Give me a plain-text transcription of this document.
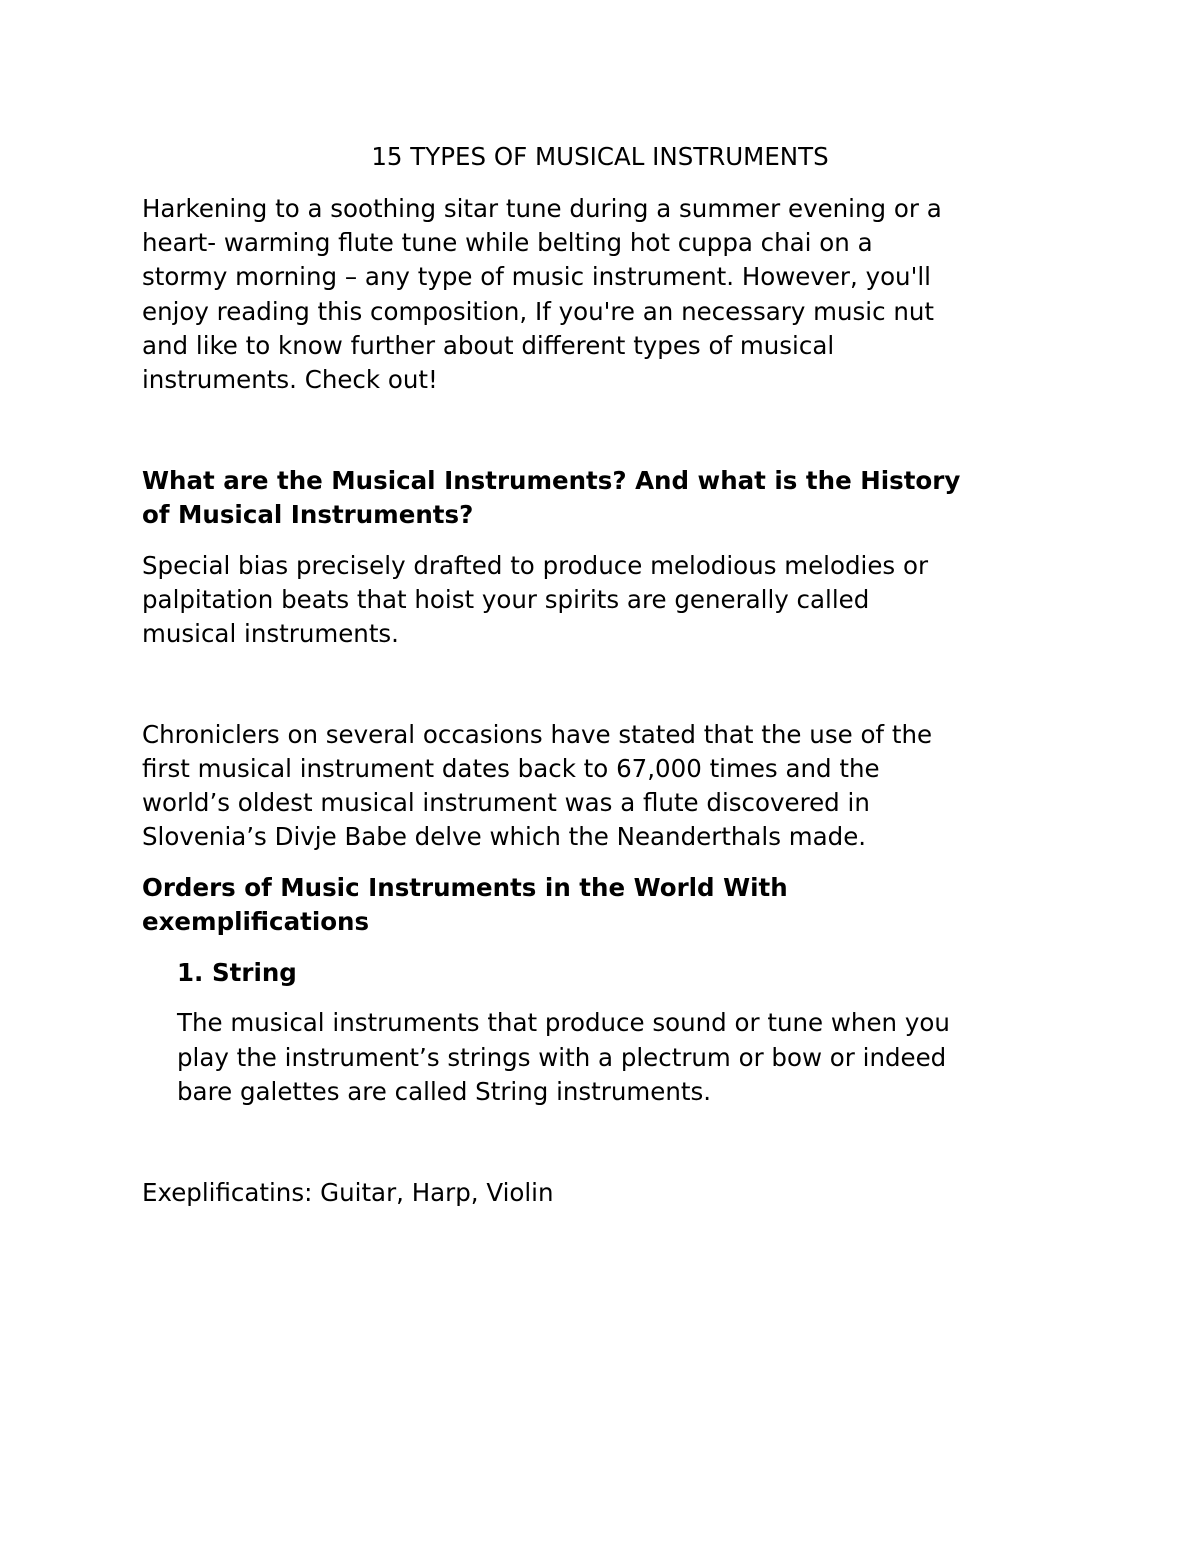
15 TYPES OF MUSICAL INSTRUMENTS

Harkening to a soothing sitar tune during a summer evening or a

heart- warming flute tune while belting hot cuppa chai on a

stormy morning – any type of music instrument. However, you'll

enjoy reading this composition, If you're an necessary music nut

and like to know further about different types of musical

instruments. Check out!

What are the Musical Instruments? And what is the History

of Musical Instruments?

Special bias precisely drafted to produce melodious melodies or

palpitation beats that hoist your spirits are generally called

musical instruments.

Chroniclers on several occasions have stated that the use of the

first musical instrument dates back to 67,000 times and the

world’s oldest musical instrument was a flute discovered in

Slovenia’s Divje Babe delve which the Neanderthals made.

Orders of Music Instruments in the World With

exemplifications

1. String

The musical instruments that produce sound or tune when you

play the instrument’s strings with a plectrum or bow or indeed

bare galettes are called String instruments.

Exeplificatins: Guitar, Harp, Violin
